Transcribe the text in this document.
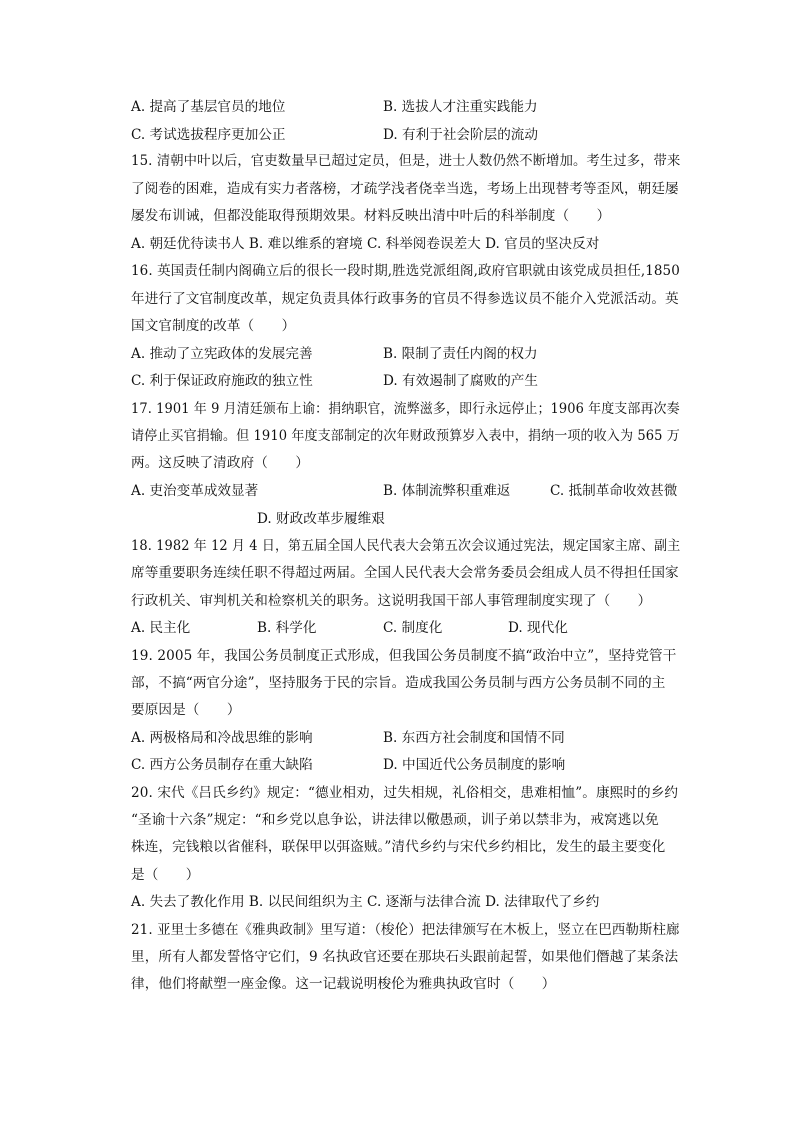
A. 提高了基层官员的地位	B. 选拔人才注重实践能力
C. 考试选拔程序更加公正	D. 有利于社会阶层的流动
15. 清朝中叶以后，官吏数量早已超过定员，但是，进士人数仍然不断增加。考生过多，带来
了阅卷的困难，造成有实力者落榜，才疏学浅者侥幸当选，考场上出现替考等歪风，朝廷屡
屡发布训诫，但都没能取得预期效果。材料反映出清中叶后的科举制度（　　）
A. 朝廷优待读书人 B. 难以维系的窘境 C. 科举阅卷误差大 D. 官员的坚决反对
16. 英国责任制内阁确立后的很长一段时期,胜选党派组阁,政府官职就由该党成员担任,1850
年进行了文官制度改革，规定负责具体行政事务的官员不得参选议员不能介入党派活动。英
国文官制度的改革（　　）
A. 推动了立宪政体的发展完善	B. 限制了责任内阁的权力
C. 利于保证政府施政的独立性	D. 有效遏制了腐败的产生
17. 1901 年 9 月清廷颁布上谕：捐纳职官，流弊滋多，即行永远停止；1906 年度支部再次奏
请停止买官捐输。但 1910 年度支部制定的次年财政预算岁入表中，捐纳一项的收入为 565 万
两。这反映了清政府（　　）
A. 吏治变革成效显著	B. 体制流弊积重难返	C. 抵制革命收效甚微
D. 财政改革步履维艰
18. 1982 年 12 月 4 日，第五届全国人民代表大会第五次会议通过宪法，规定国家主席、副主
席等重要职务连续任职不得超过两届。全国人民代表大会常务委员会组成人员不得担任国家
行政机关、审判机关和检察机关的职务。这说明我国干部人事管理制度实现了（　　）
A. 民主化	B. 科学化	C. 制度化	D. 现代化
19. 2005 年，我国公务员制度正式形成，但我国公务员制度不搞“政治中立”，坚持党管干
部，不搞“两官分途”，坚持服务于民的宗旨。造成我国公务员制与西方公务员制不同的主
要原因是（　　）
A. 两极格局和冷战思维的影响	B. 东西方社会制度和国情不同
C. 西方公务员制存在重大缺陷	D. 中国近代公务员制度的影响
20. 宋代《吕氏乡约》规定：“德业相劝，过失相规，礼俗相交，患难相恤”。康熙时的乡约
“圣谕十六条”规定：“和乡党以息争讼，讲法律以儆愚顽，训子弟以禁非为，戒窝逃以免
株连，完钱粮以省催科，联保甲以弭盗贼。”清代乡约与宋代乡约相比，发生的最主要变化
是（　　）
A. 失去了教化作用 B. 以民间组织为主 C. 逐渐与法律合流 D. 法律取代了乡约
21. 亚里士多德在《雅典政制》里写道：（梭伦）把法律颁写在木板上，竖立在巴西勒斯柱廊
里，所有人都发誓恪守它们，9 名执政官还要在那块石头跟前起誓，如果他们僭越了某条法
律，他们将献塑一座金像。这一记载说明梭伦为雅典执政官时（　　）
